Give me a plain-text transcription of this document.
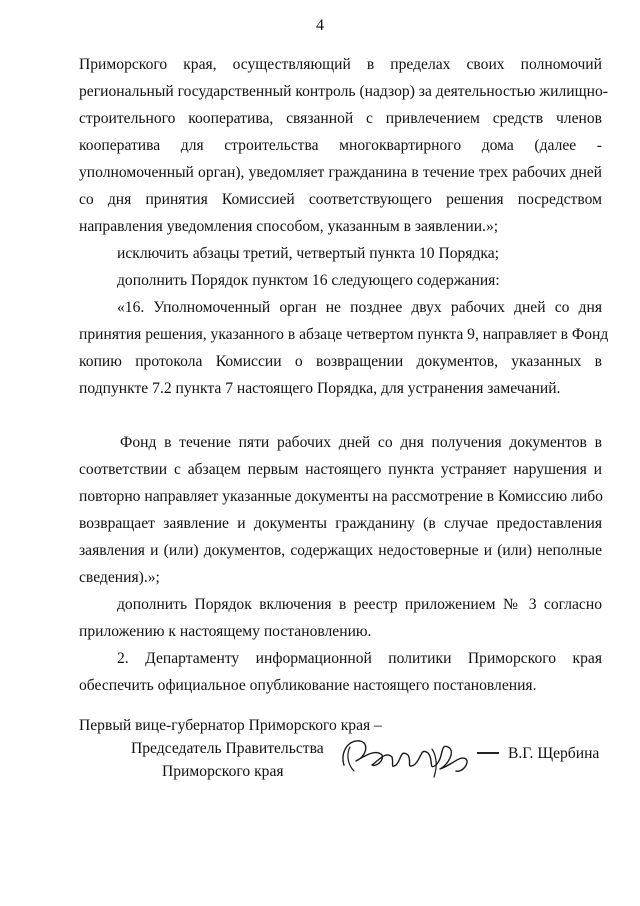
4
Приморского края, осуществляющий в пределах своих полномочий
региональный государственный контроль (надзор) за деятельностью жилищно-
строительного кооператива, связанной с привлечением средств членов
кооператива для строительства многоквартирного дома (далее -
уполномоченный орган), уведомляет гражданина в течение трех рабочих дней
со дня принятия Комиссией соответствующего решения посредством
направления уведомления способом, указанным в заявлении.»;
исключить абзацы третий, четвертый пункта 10 Порядка;
дополнить Порядок пунктом 16 следующего содержания:
«16. Уполномоченный орган не позднее двух рабочих дней со дня
принятия решения, указанного в абзаце четвертом пункта 9, направляет в Фонд
копию протокола Комиссии о возвращении документов, указанных в
подпункте 7.2 пункта 7 настоящего Порядка, для устранения замечаний.
Фонд в течение пяти рабочих дней со дня получения документов в
соответствии с абзацем первым настоящего пункта устраняет нарушения и
повторно направляет указанные документы на рассмотрение в Комиссию либо
возвращает заявление и документы гражданину (в случае предоставления
заявления и (или) документов, содержащих недостоверные и (или) неполные
сведения).»;
дополнить Порядок включения в реестр приложением № 3 согласно
приложению к настоящему постановлению.
2. Департаменту информационной политики Приморского края
обеспечить официальное опубликование настоящего постановления.
Первый вице-губернатор Приморского края –
Председатель Правительства
Приморского края
В.Г. Щербина
